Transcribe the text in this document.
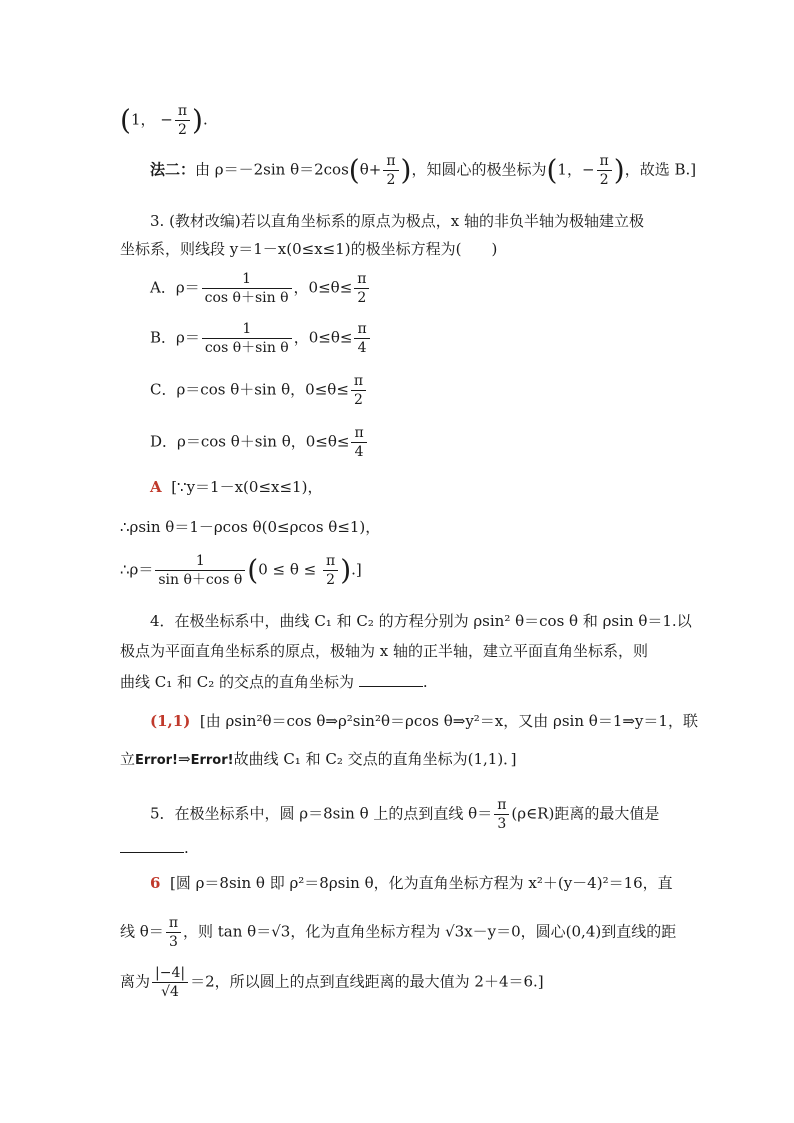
(1， − $\frac{\pi}{2}$ ).
法二：由 ρ＝－2sin $\theta=2\cos(\theta+ \frac{\pi}{2}$ )，知圆心的极坐标为(1，− $\frac{\pi}{2}$ )，故选 B.]
3. (教材改编)若以直角坐标系的原点为极点，x 轴的非负半轴为极轴建立极
坐标系，则线段 y＝1－x(0≤x≤1)的极坐标方程为(　　)
A．$\rho= \frac{1}{\text{cos θ＋sin θ}}$ ，$0\le\theta\le \frac{\pi}{2}$
B．$\rho= \frac{1}{\text{cos θ＋sin θ}}$ ，$0\le\theta\le \frac{\pi}{4}$
C．ρ＝cos θ＋sin θ，$0\le\theta\le \frac{\pi}{2}$
D．ρ＝cos θ＋sin θ，$0\le\theta\le \frac{\pi}{4}$
A [∵y＝1－x(0≤x≤1)，
∴ρsin θ＝1－ρcos θ(0≤ρcos θ≤1)，
∴ρ＝ $\frac{1}{\text{sin θ＋cos θ}} (0 \le \theta \le \frac{\pi}{2}$ ).]
4．在极坐标系中，曲线 C₁ 和 C₂ 的方程分别为 ρsin² θ＝cos θ 和 ρsin θ＝1.以
极点为平面直角坐标系的原点，极轴为 x 轴的正半轴，建立平面直角坐标系，则
曲线 C₁ 和 C₂ 的交点的直角坐标为	.
(1,1) [由 ρsin²θ＝cos θ⇒ρ²sin²θ＝ρcos θ⇒y²＝x，又由 ρsin θ＝1⇒y＝1，联
立Error!⇒Error!故曲线 C₁ 和 C₂ 交点的直角坐标为(1,1)．]
5．在极坐标系中，圆 ρ＝8sin θ 上的点到直线 $\theta= \frac{\pi}{3}$ (ρ∈R)距离的最大值是
.
6 [圆 ρ＝8sin θ 即 ρ²＝8ρsin θ，化为直角坐标方程为 x²＋(y－4)²＝16，直
线 $\theta= \frac{\pi}{3}$ ，则 tan θ＝√3，化为直角坐标方程为 √3x－y＝0，圆心(0,4)到直线的距
离为 $\frac{|-4|}{√4} =2$，所以圆上的点到直线距离的最大值为 2＋4＝6.]
